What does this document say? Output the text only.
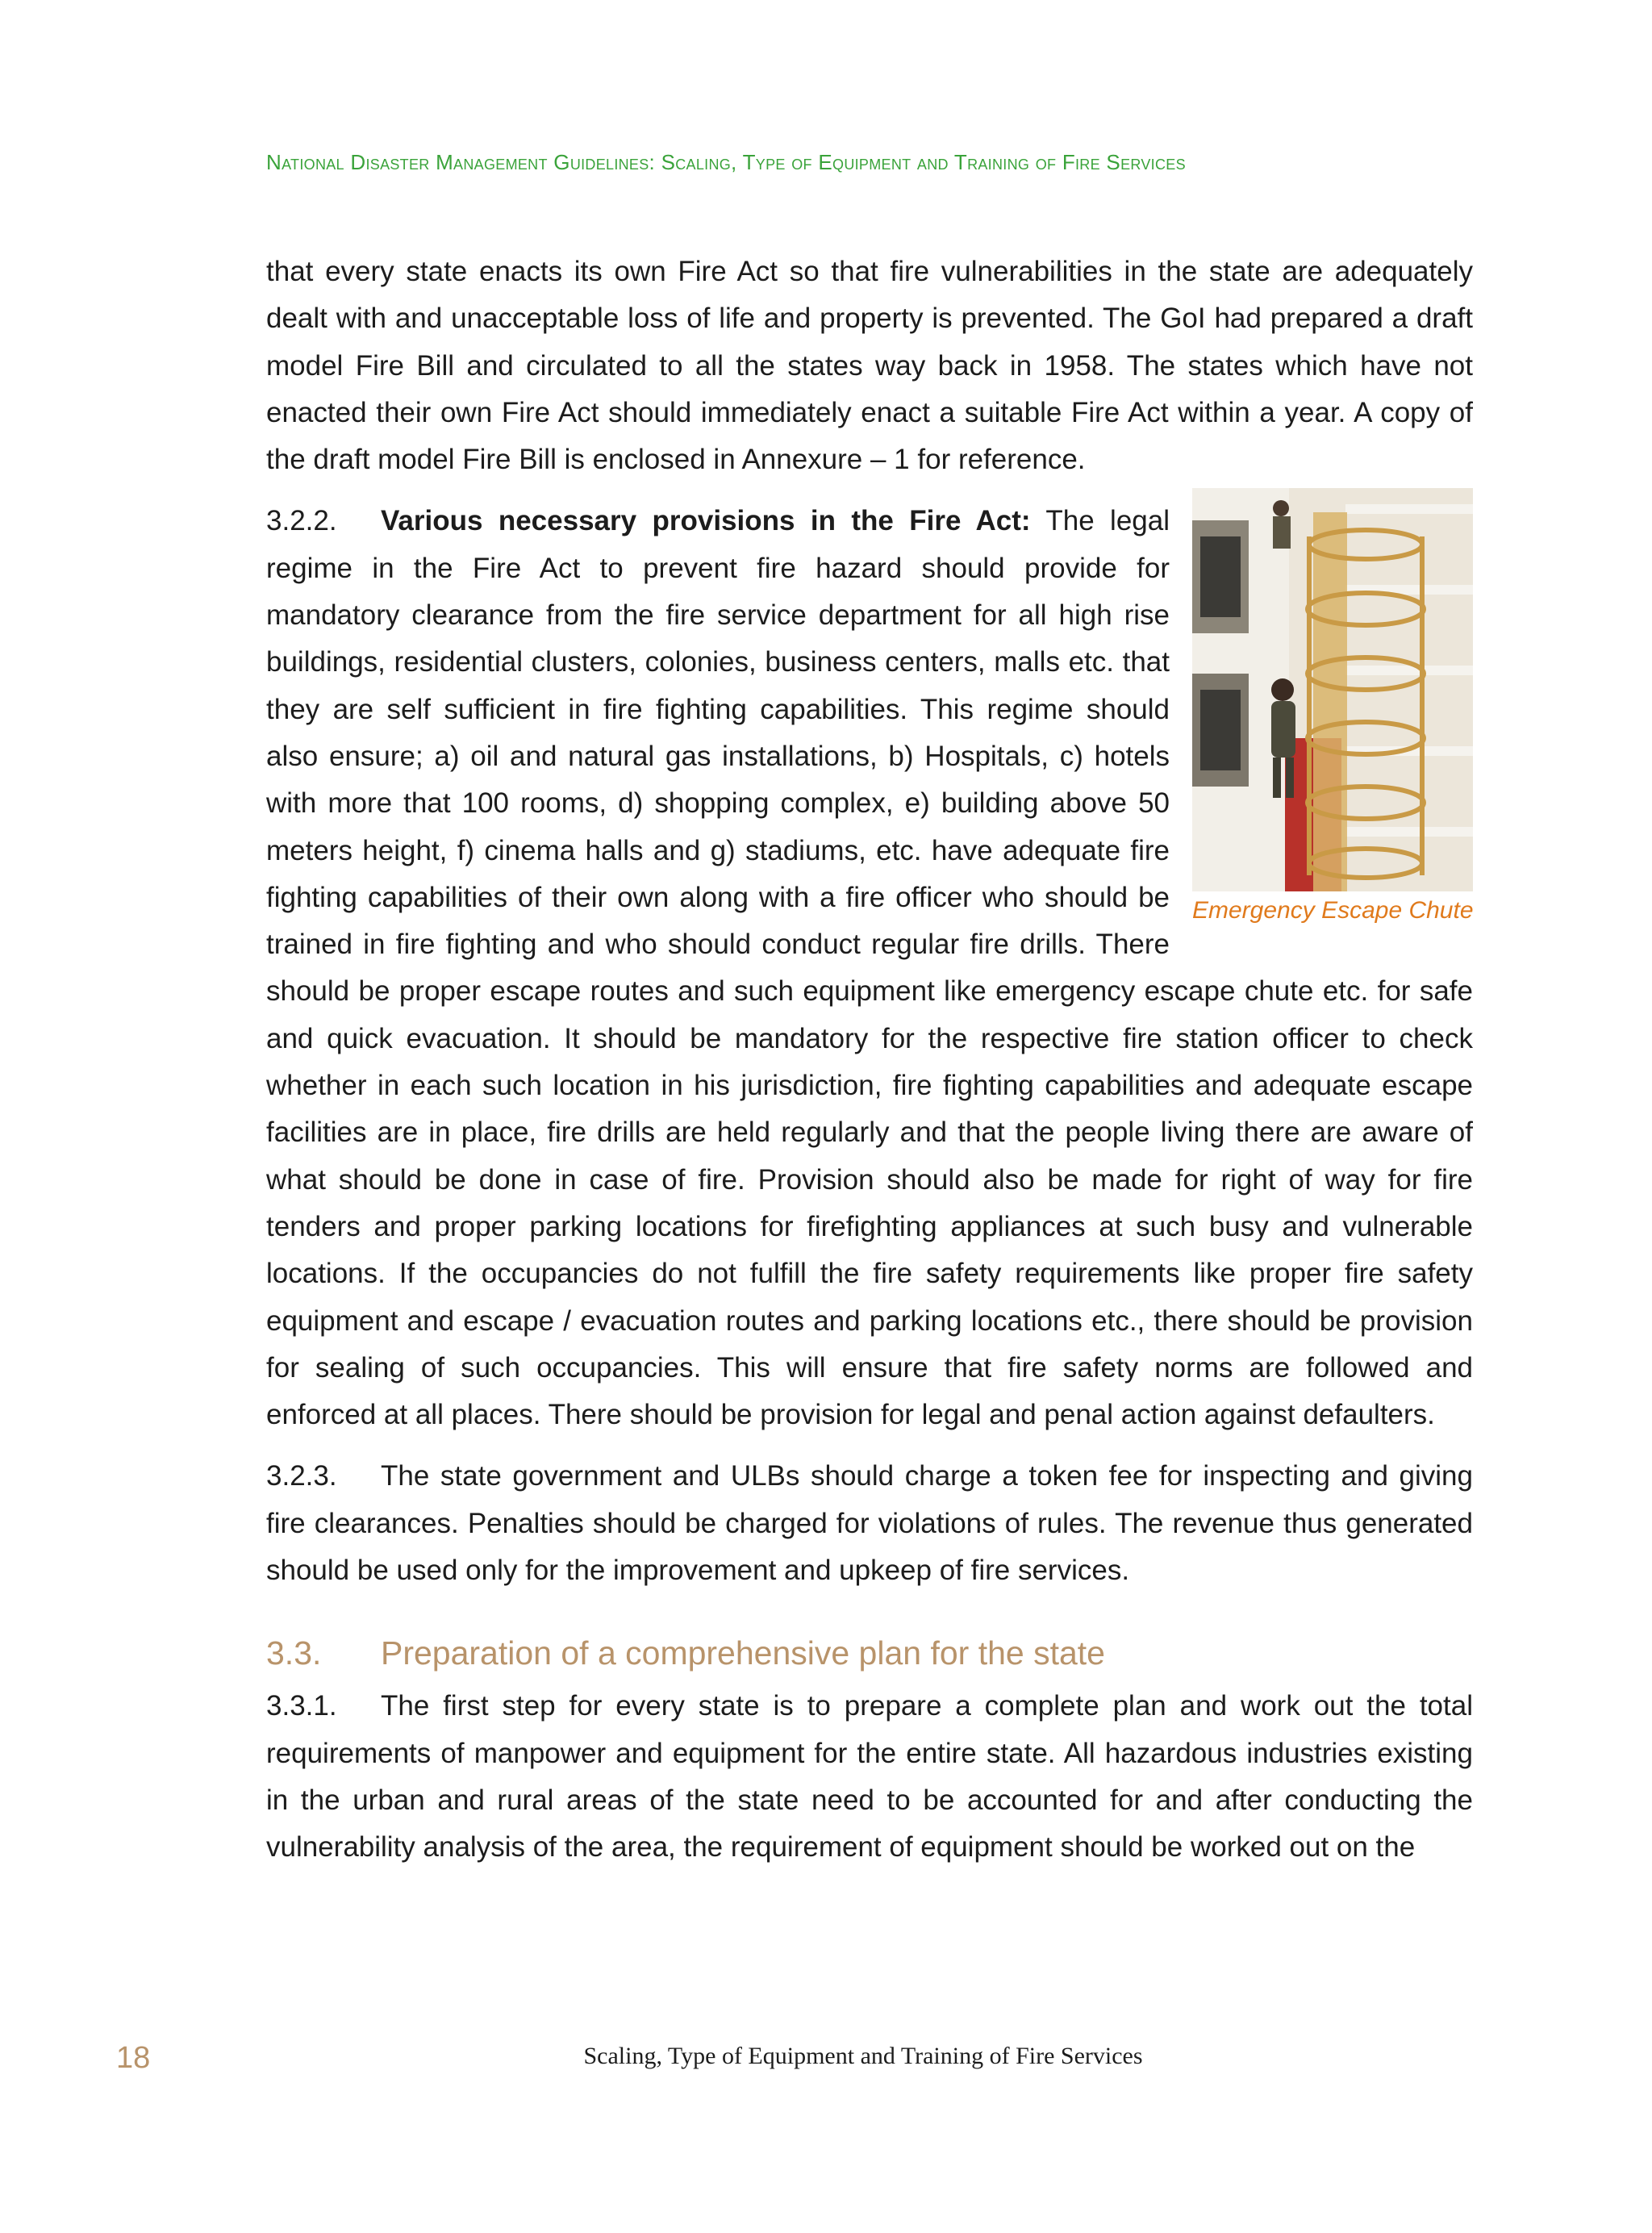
National Disaster Management Guidelines: Scaling, Type of Equipment and Training of Fire Services

that every state enacts its own Fire Act so that fire vulnerabilities in the state are adequately dealt with and unacceptable loss of life and property is prevented. The GoI had prepared a draft model Fire Bill and circulated to all the states way back in 1958. The states which have not enacted their own Fire Act should immediately enact a suitable Fire Act within a year. A copy of the draft model Fire Bill is enclosed in Annexure – 1 for reference.

Emergency Escape Chute
3.2.2. Various necessary provisions in the Fire Act: The legal regime in the Fire Act to prevent fire hazard should provide for mandatory clearance from the fire service department for all high rise buildings, residential clusters, colonies, business centers, malls etc. that they are self sufficient in fire fighting capabilities. This regime should also ensure; a) oil and natural gas installations, b) Hospitals, c) hotels with more that 100 rooms, d) shopping complex, e) building above 50 meters height, f) cinema halls and g) stadiums, etc. have adequate fire fighting capabilities of their own along with a fire officer who should be trained in fire fighting and who should conduct regular fire drills. There should be proper escape routes and such equipment like emergency escape chute etc. for safe and quick evacuation. It should be mandatory for the respective fire station officer to check whether in each such location in his jurisdiction, fire fighting capabilities and adequate escape facilities are in place, fire drills are held regularly and that the people living there are aware of what should be done in case of fire. Provision should also be made for right of way for fire tenders and proper parking locations for firefighting appliances at such busy and vulnerable locations. If the occupancies do not fulfill the fire safety requirements like proper fire safety equipment and escape / evacuation routes and parking locations etc., there should be provision for sealing of such occupancies. This will ensure that fire safety norms are followed and enforced at all places. There should be provision for legal and penal action against defaulters.

3.2.3. The state government and ULBs should charge a token fee for inspecting and giving fire clearances. Penalties should be charged for violations of rules. The revenue thus generated should be used only for the improvement and upkeep of fire services.

3.3. Preparation of a comprehensive plan for the state

3.3.1. The first step for every state is to prepare a complete plan and work out the total requirements of manpower and equipment for the entire state. All hazardous industries existing in the urban and rural areas of the state need to be accounted for and after conducting the vulnerability analysis of the area, the requirement of equipment should be worked out on the

18	Scaling, Type of Equipment and Training of Fire Services
